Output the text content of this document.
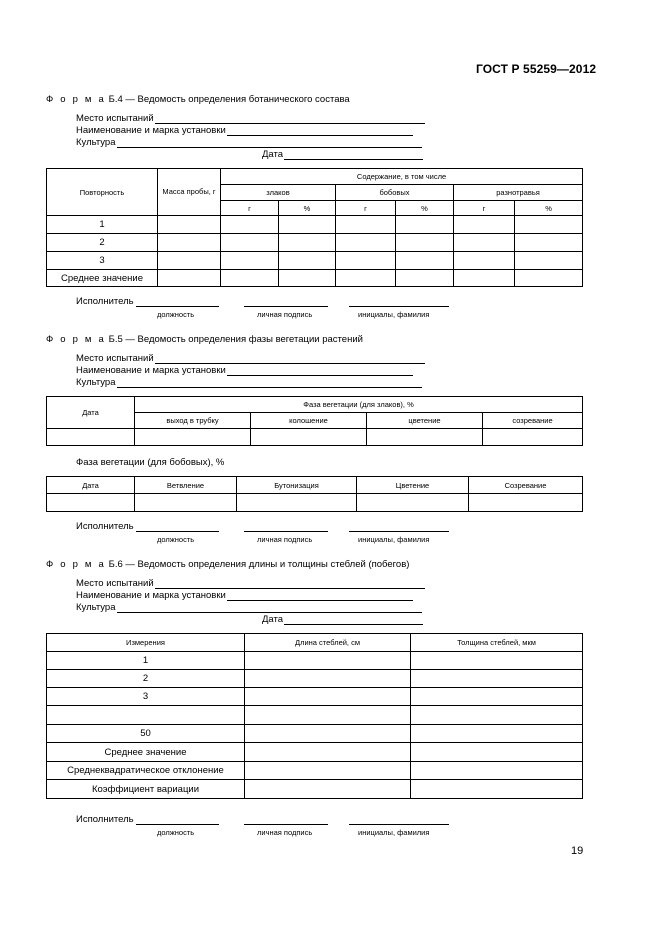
ГОСТ Р 55259—2012
Ф о р м а Б.4 — Ведомость определения ботанического состава
Место испытаний
Наименование и марка установки
Культура
Дата
Повторность	Масса пробы, г	Содержание, в том числе					
		злаков		бобовых		разнотравья	
		г	%	г	%	г	%
1							
2							
3							
Среднее значение							
Исполнитель
должность	личная подпись	инициалы, фамилия
Ф о р м а Б.5 — Ведомость определения фазы вегетации растений
Место испытаний
Наименование и марка установки
Культура
Дата	Фаза вегетации (для злаков), %			
	выход в трубку	колошение	цветение	созревание

Фаза вегетации (для бобовых), %
Дата	Ветвление	Бутонизация	Цветение	Созревание

Исполнитель
должность	личная подпись	инициалы, фамилия
Ф о р м а Б.6 — Ведомость определения длины и толщины стеблей (побегов)
Место испытаний
Наименование и марка установки
Культура
Дата
Измерения	Длина стеблей, см	Толщина стеблей, мкм
1		
2		
3		

50		
Среднее значение		
Среднеквадратическое отклонение		
Коэффициент вариации		
Исполнитель
должность	личная подпись	инициалы, фамилия
19
